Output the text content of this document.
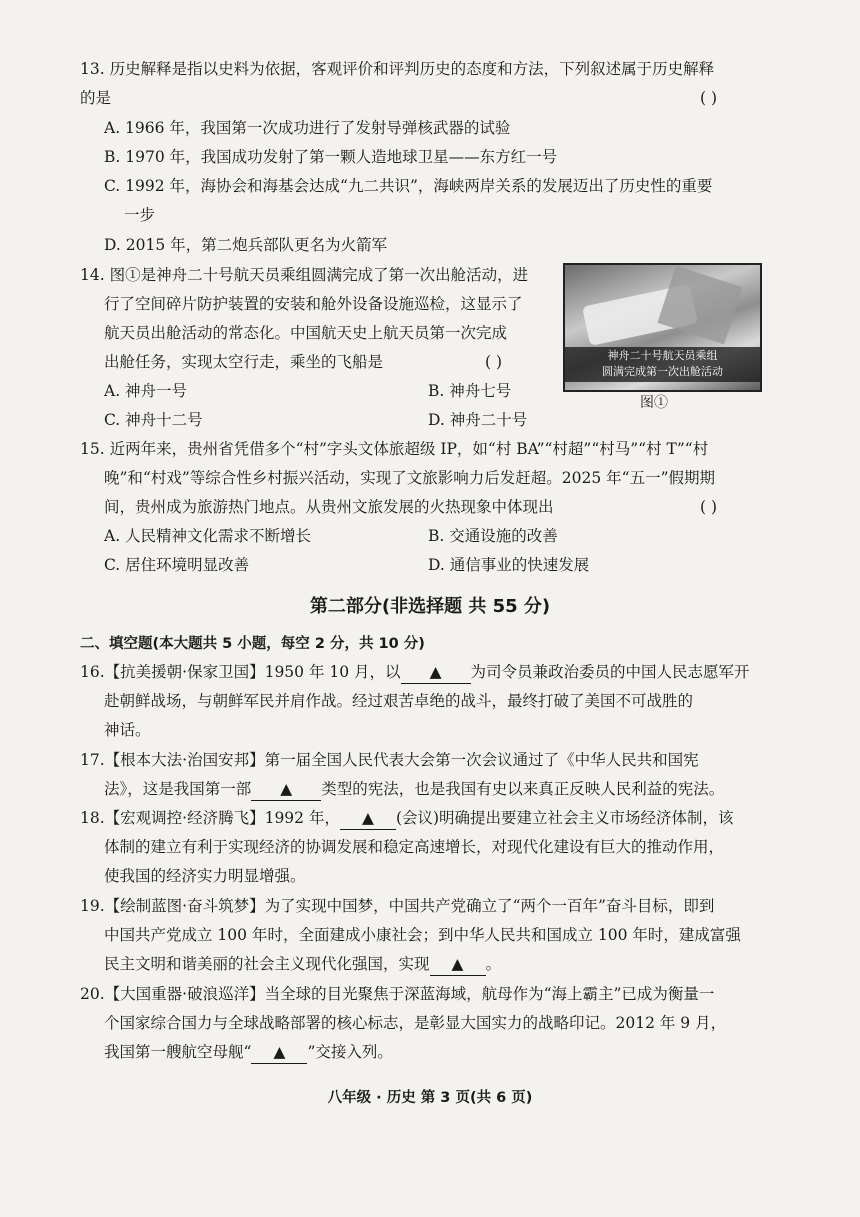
13. 历史解释是指以史料为依据，客观评价和评判历史的态度和方法，下列叙述属于历史解释
的是	( )
A. 1966 年，我国第一次成功进行了发射导弹核武器的试验
B. 1970 年，我国成功发射了第一颗人造地球卫星——东方红一号
C. 1992 年，海协会和海基会达成“九二共识”，海峡两岸关系的发展迈出了历史性的重要
一步
D. 2015 年，第二炮兵部队更名为火箭军
14. 图①是神舟二十号航天员乘组圆满完成了第一次出舱活动，进
行了空间碎片防护装置的安装和舱外设备设施巡检，这显示了
航天员出舱活动的常态化。中国航天史上航天员第一次完成
出舱任务，实现太空行走，乘坐的飞船是	( )
A. 神舟一号	B. 神舟七号
C. 神舟十二号	D. 神舟二十号
神舟二十号航天员乘组
圆满完成第一次出舱活动
图①
15. 近两年来，贵州省凭借多个“村”字头文体旅超级 IP，如“村 BA”“村超”“村马”“村 T”“村
晚”和“村戏”等综合性乡村振兴活动，实现了文旅影响力后发赶超。2025 年“五一”假期期
间，贵州成为旅游热门地点。从贵州文旅发展的火热现象中体现出	( )
A. 人民精神文化需求不断增长	B. 交通设施的改善
C. 居住环境明显改善	D. 通信事业的快速发展
第二部分(非选择题 共 55 分)
二、填空题(本大题共 5 小题，每空 2 分，共 10 分)
16.【抗美援朝·保家卫国】1950 年 10 月，以 ▲ 为司令员兼政治委员的中国人民志愿军开
赴朝鲜战场，与朝鲜军民并肩作战。经过艰苦卓绝的战斗，最终打破了美国不可战胜的
神话。
17.【根本大法·治国安邦】第一届全国人民代表大会第一次会议通过了《中华人民共和国宪
法》，这是我国第一部 ▲ 类型的宪法，也是我国有史以来真正反映人民利益的宪法。
18.【宏观调控·经济腾飞】1992 年， ▲ (会议)明确提出要建立社会主义市场经济体制，该
体制的建立有利于实现经济的协调发展和稳定高速增长，对现代化建设有巨大的推动作用，
使我国的经济实力明显增强。
19.【绘制蓝图·奋斗筑梦】为了实现中国梦，中国共产党确立了“两个一百年”奋斗目标，即到
中国共产党成立 100 年时，全面建成小康社会；到中华人民共和国成立 100 年时，建成富强
民主文明和谐美丽的社会主义现代化强国，实现 ▲ 。
20.【大国重器·破浪巡洋】当全球的目光聚焦于深蓝海域，航母作为“海上霸主”已成为衡量一
个国家综合国力与全球战略部署的核心标志，是彰显大国实力的战略印记。2012 年 9 月，
我国第一艘航空母舰“ ▲ ”交接入列。
八年级 · 历史 第 3 页(共 6 页)
